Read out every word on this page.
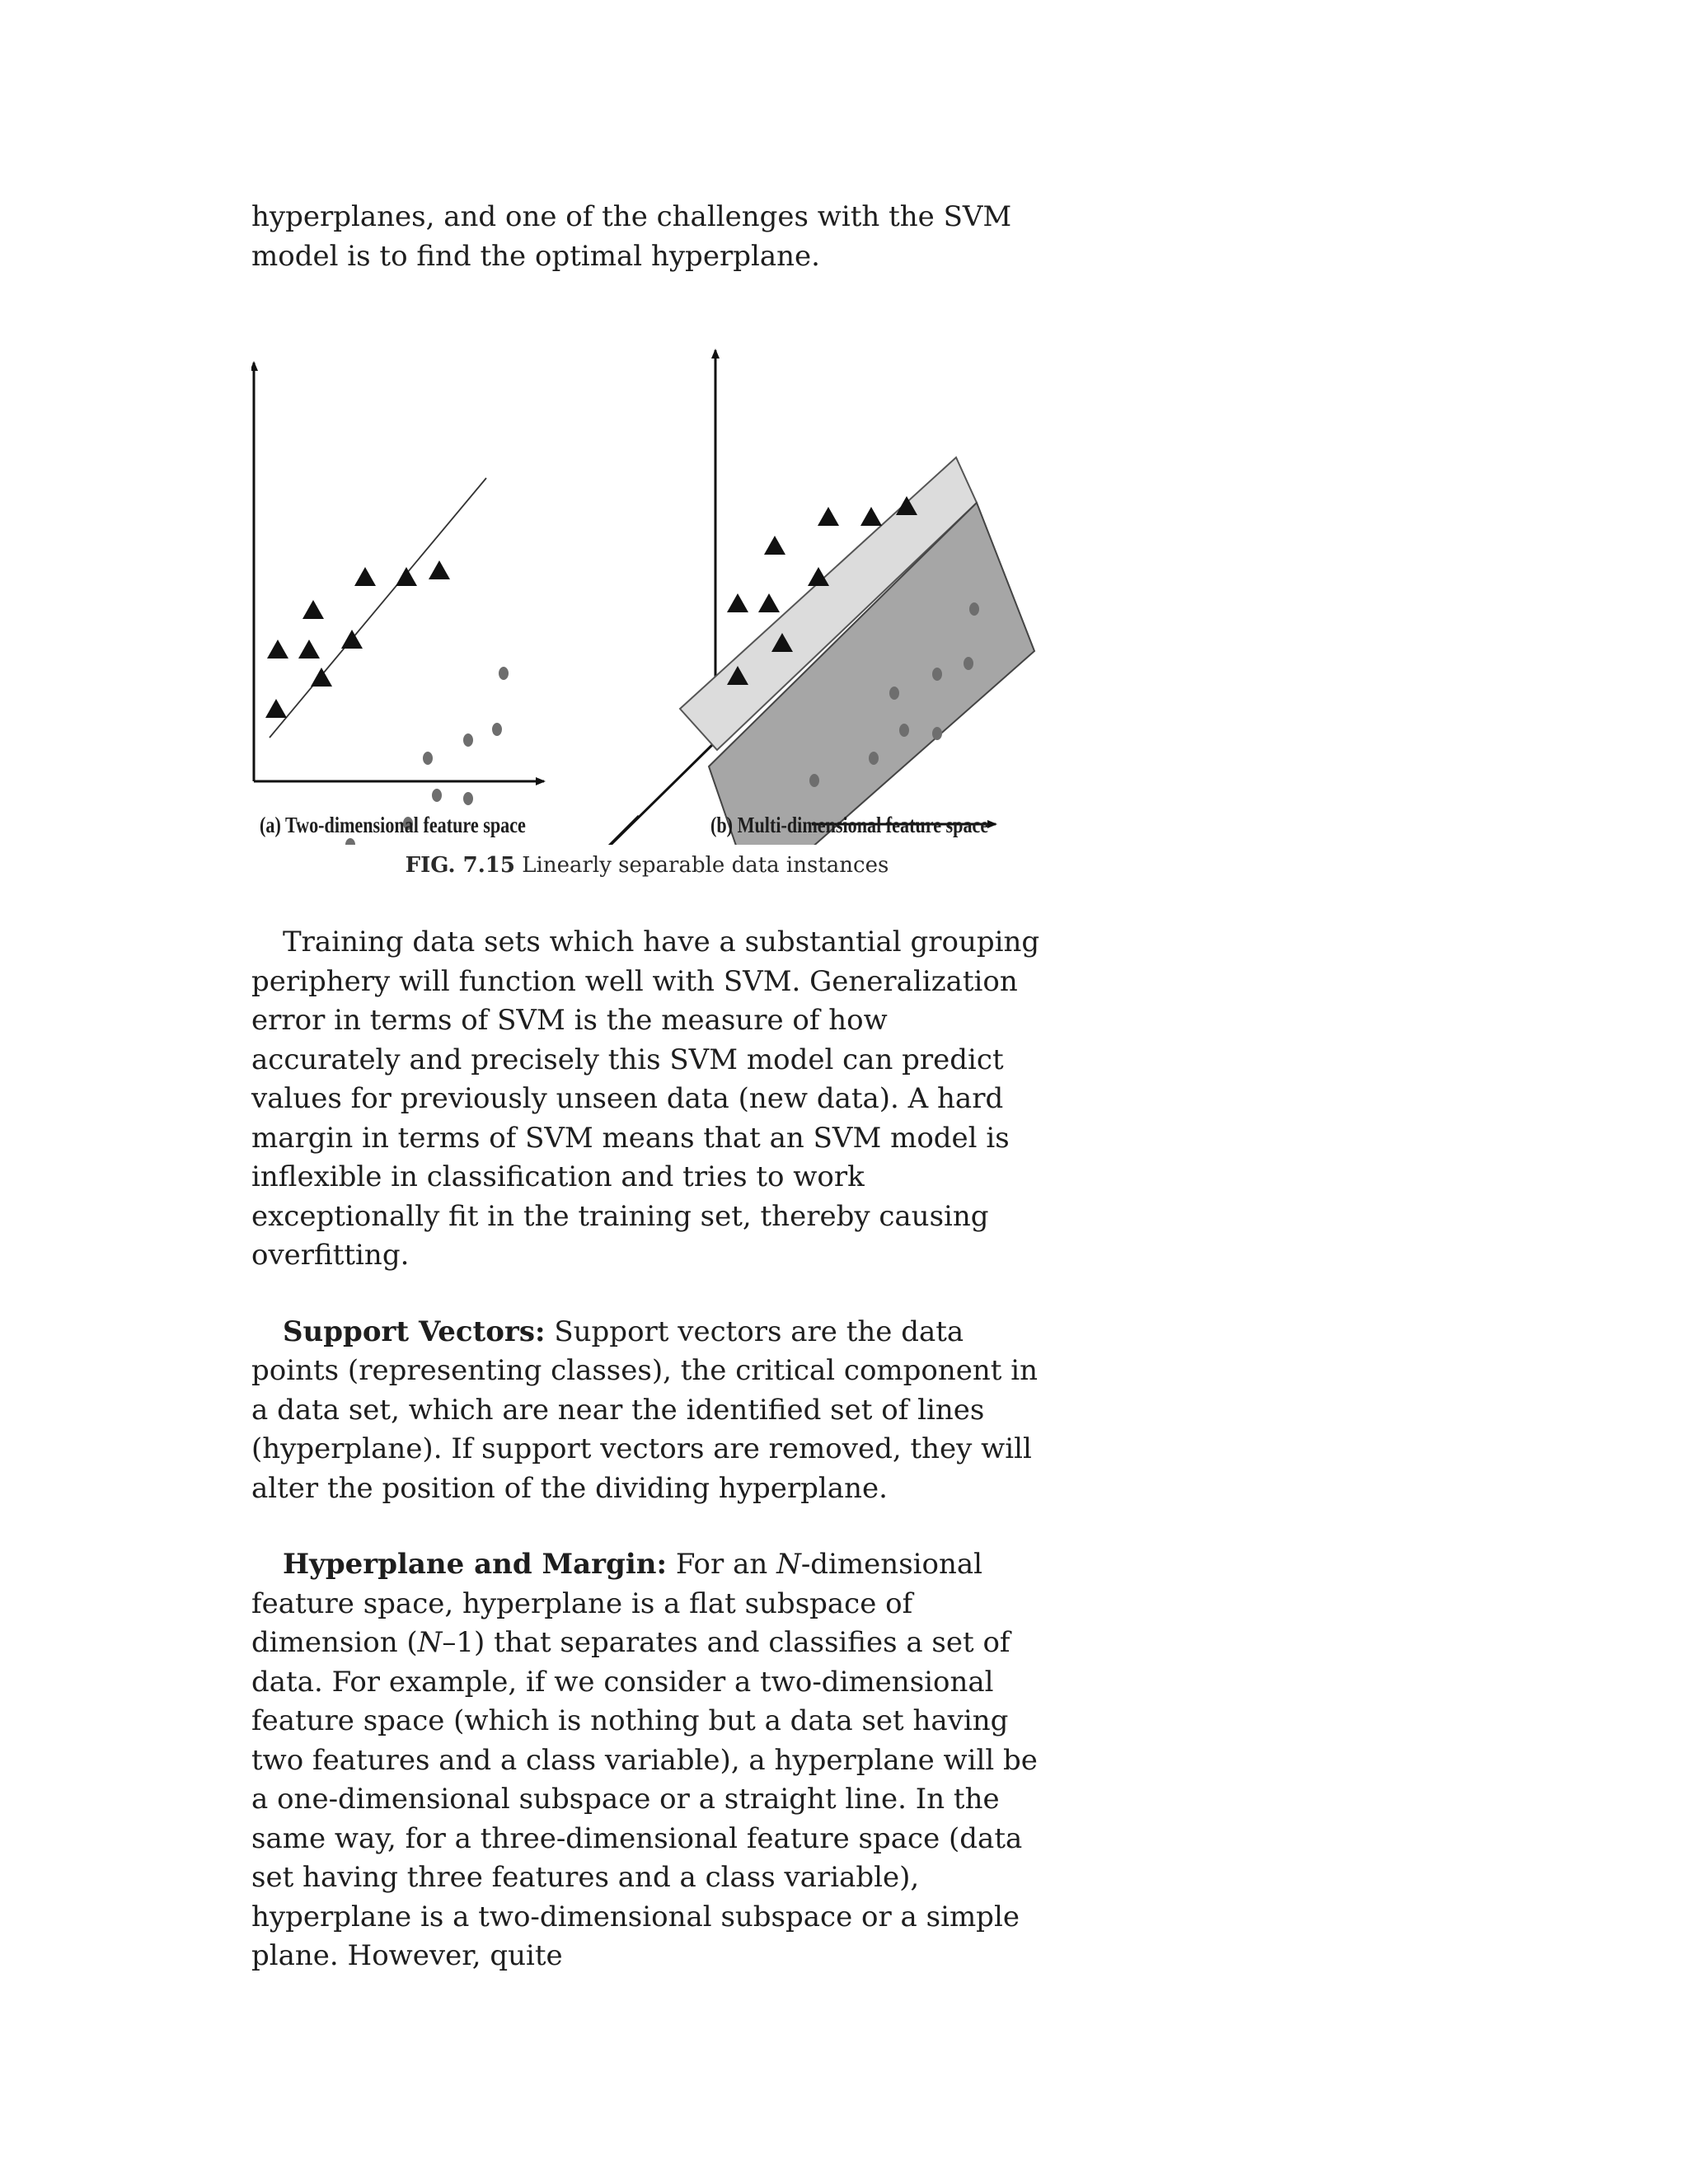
hyperplanes, and one of the challenges with the SVM model is to find the optimal hyperplane.

(a) Two-dimensional feature space	(b) Multi-dimensional feature space
FIG. 7.15 Linearly separable data instances

Training data sets which have a substantial grouping periphery will function well with SVM. Generalization error in terms of SVM is the measure of how accurately and precisely this SVM model can predict values for previously unseen data (new data). A hard margin in terms of SVM means that an SVM model is inflexible in classification and tries to work exceptionally fit in the training set, thereby causing overfitting.

Support Vectors: Support vectors are the data points (representing classes), the critical component in a data set, which are near the identified set of lines (hyperplane). If support vectors are removed, they will alter the position of the dividing hyperplane.

Hyperplane and Margin: For an N-dimensional feature space, hyperplane is a flat subspace of dimension (N–1) that separates and classifies a set of data. For example, if we consider a two-dimensional feature space (which is nothing but a data set having two features and a class variable), a hyperplane will be a one-dimensional subspace or a straight line. In the same way, for a three-dimensional feature space (data set having three features and a class variable), hyperplane is a two-dimensional subspace or a simple plane. However, quite
